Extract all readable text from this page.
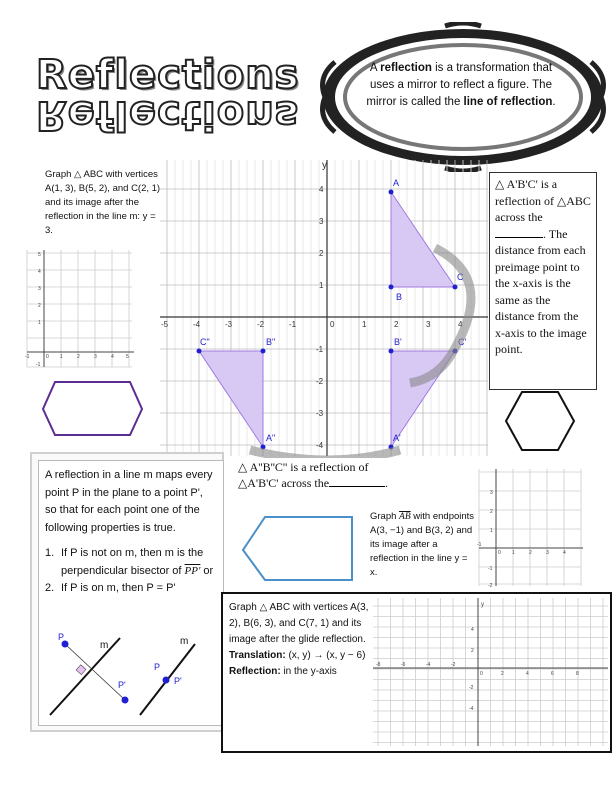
Reflections
Reflections
A reflection is a transformation that uses a mirror to reflect a figure. The mirror is called the line of reflection.
Graph △ ABC with vertices A(1, 3), B(5, 2), and C(2, 1) and its image after the reflection in the line m: y = 3.
5
4
3
2
1
-1
-1	0 1	2	3	4 5
y
-5	-4	-3	-2	-1	0	1	2	3	4
4
3
2
1
-1
-2
-3
-4
A
B
C
B'
A'
C'
C"	B"
A"
△ A'B'C' is a reflection of △ABC across the . The distance from each preimage point to the x-axis is the same as the distance from the x-axis to the image point.
△ A''B''C'' is a reflection of △A'B'C' across the	.
A reflection in a line m maps every point P in the plane to a point P', so that for each point one of the following properties is true.
1. If P is not on m, then m is the perpendicular bisector of PP' or
2. If P is on m, then P = P'
P
m
P'
P
m
P'
Graph $\overline{AB}$ with endpoints A(3, −1) and B(3, 2) and its image after a reflection in the line y = x.
3
2
1
-1
-2
-1
0 1	2	3	4
Graph △ ABC with vertices A(3, 2), B(6, 3), and C(7, 1) and its image after the glide reflection.
Translation: (x, y) → (x, y − 6)
Reflection: in the y-axis
y
4
2
-2
-4
-8	-6	-4	-2
0	2	4	6	8
